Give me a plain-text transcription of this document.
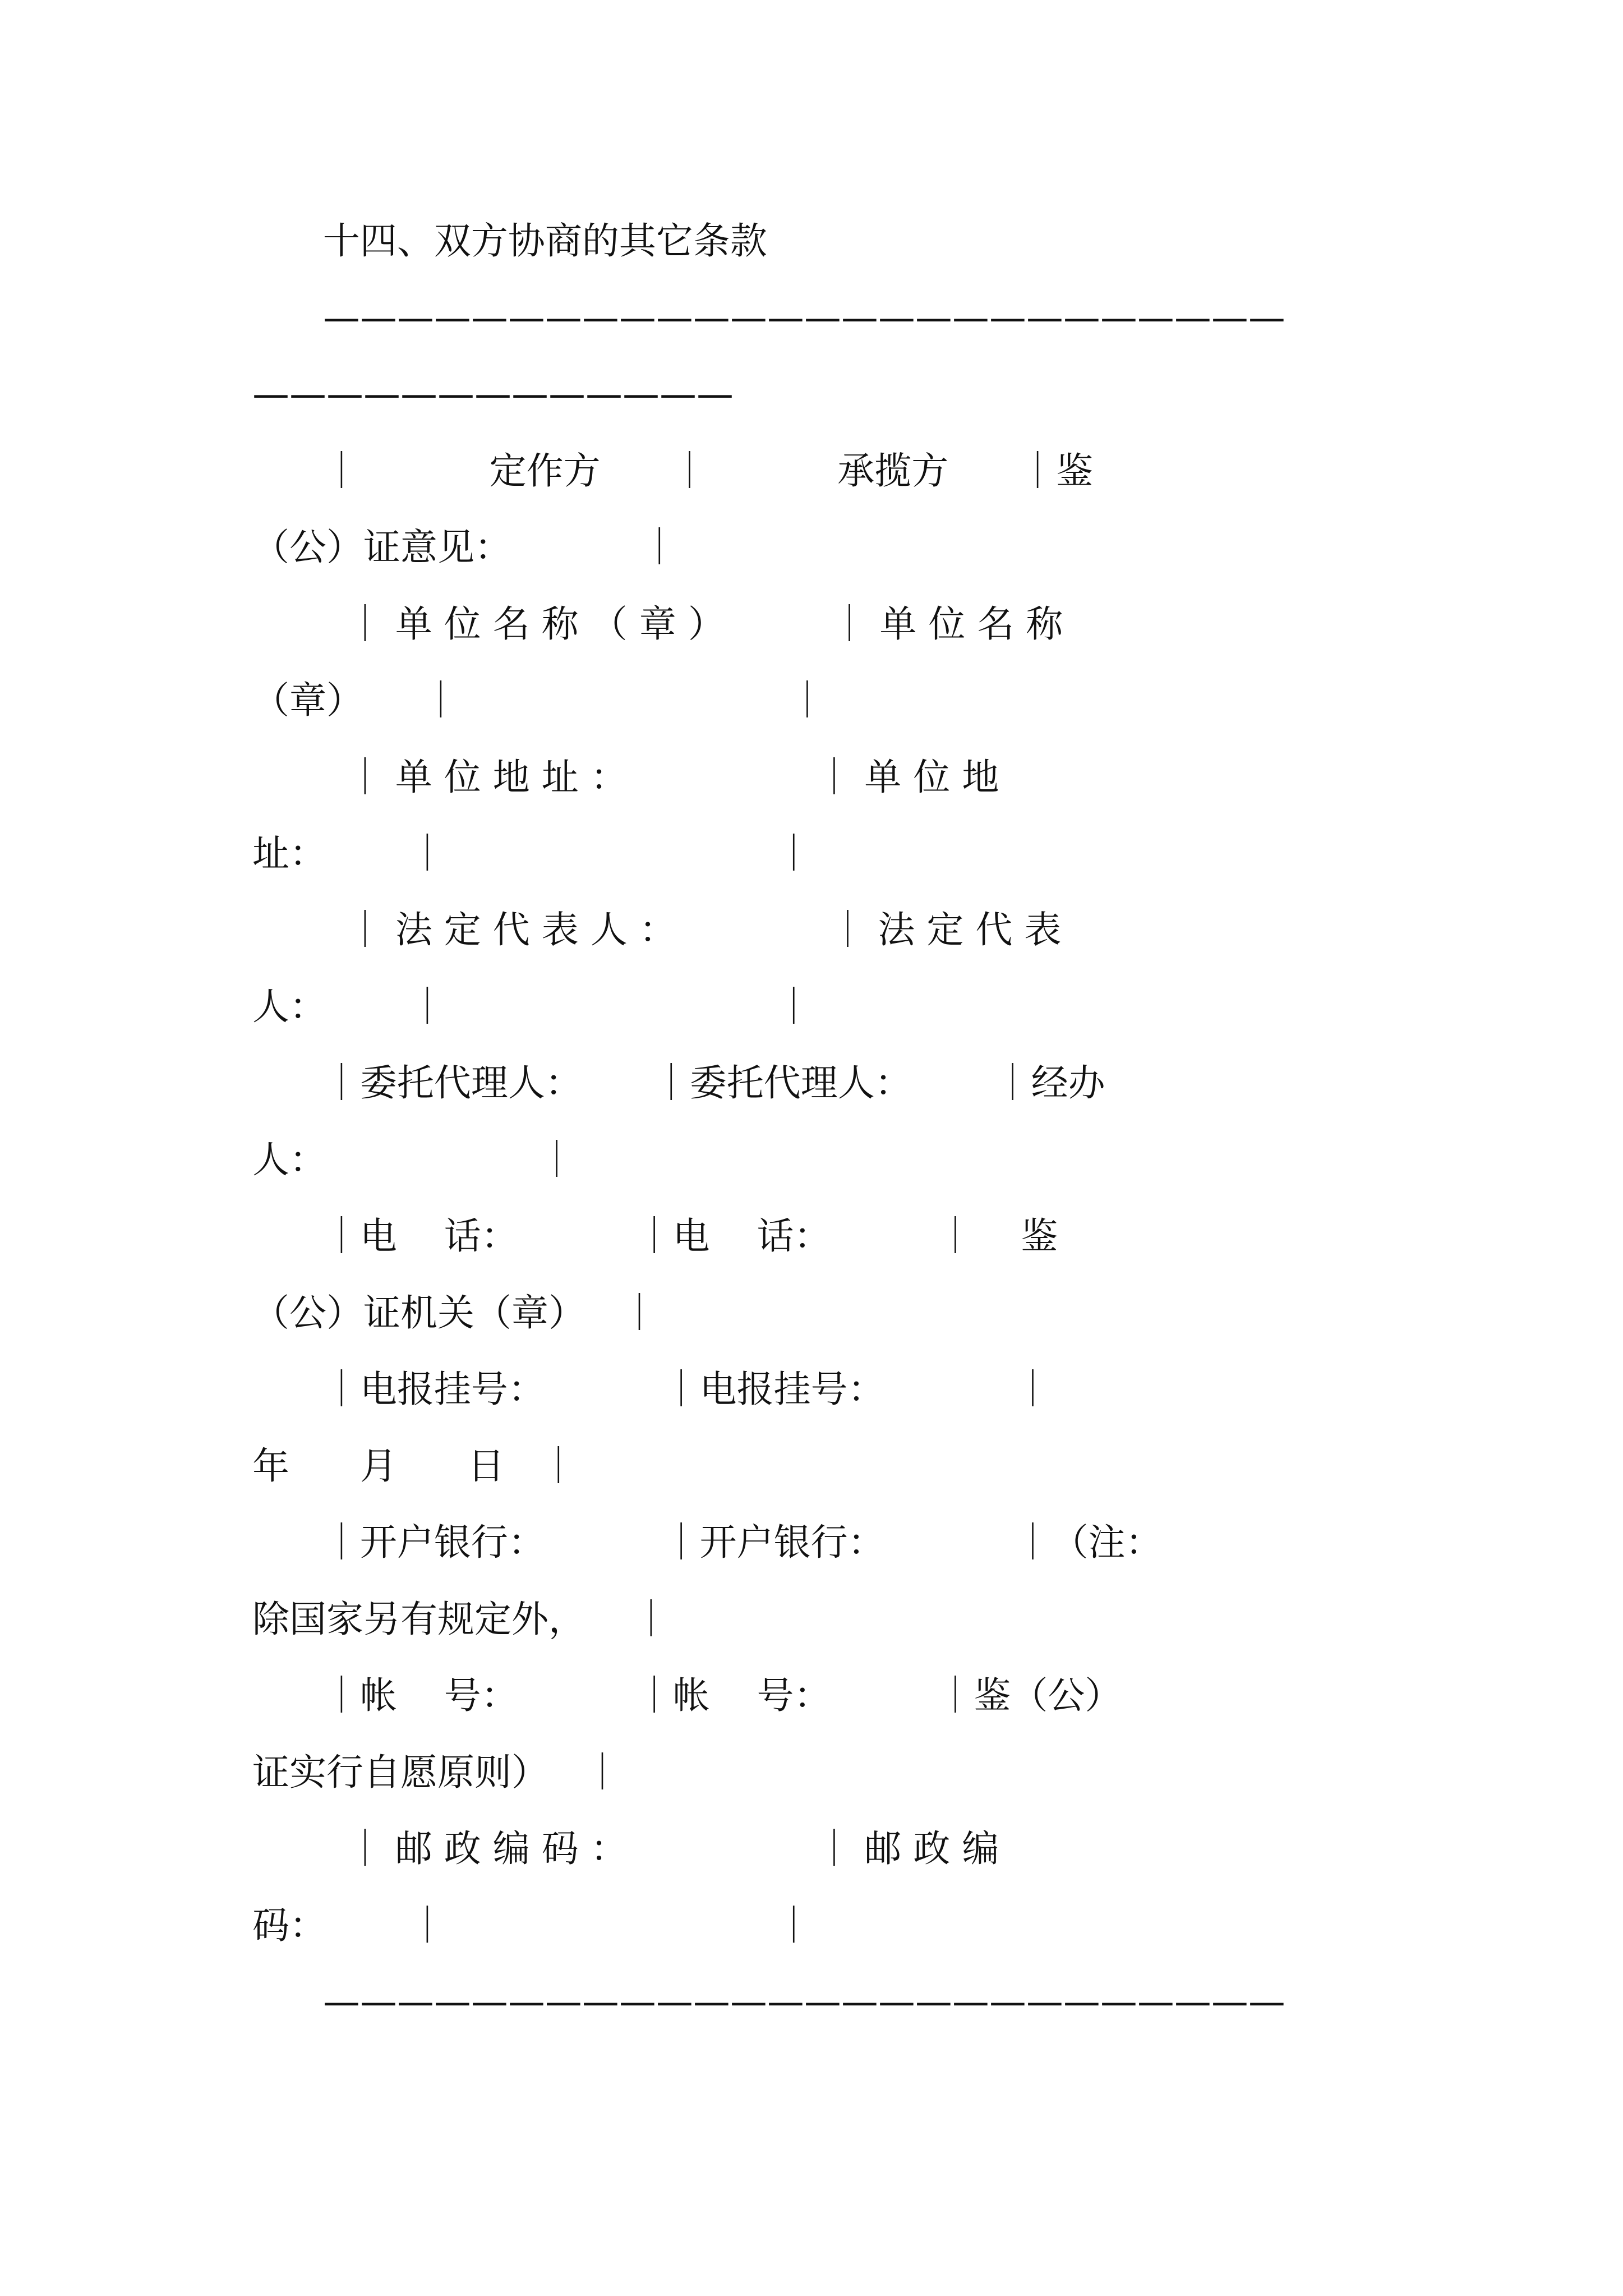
十四、双方协商的其它条款
——————————————————————————
—————————————
｜           定作方      ｜           承揽方      ｜鉴
（公）证意见：           ｜
｜ 单 位 名 称 （ 章 ）         ｜ 单 位 名 称
（章）     ｜                            ｜
｜ 单 位 地 址 ：                ｜ 单 位 地
址：       ｜                            ｜
｜ 法 定 代 表 人 ：             ｜ 法 定 代 表
人：       ｜                            ｜
｜委托代理人：      ｜委托代理人：       ｜经办
人：                  ｜
｜电    话：          ｜电    话：         ｜    鉴
（公）证机关（章）   ｜
｜电报挂号：          ｜电报挂号：           ｜
年      月      日   ｜
｜开户银行：          ｜开户银行：           ｜（注：
除国家另有规定外，    ｜
｜帐    号：          ｜帐    号：         ｜鉴（公）
证实行自愿原则）   ｜
｜ 邮 政 编 码 ：                ｜ 邮 政 编
码：       ｜                            ｜
——————————————————————————
